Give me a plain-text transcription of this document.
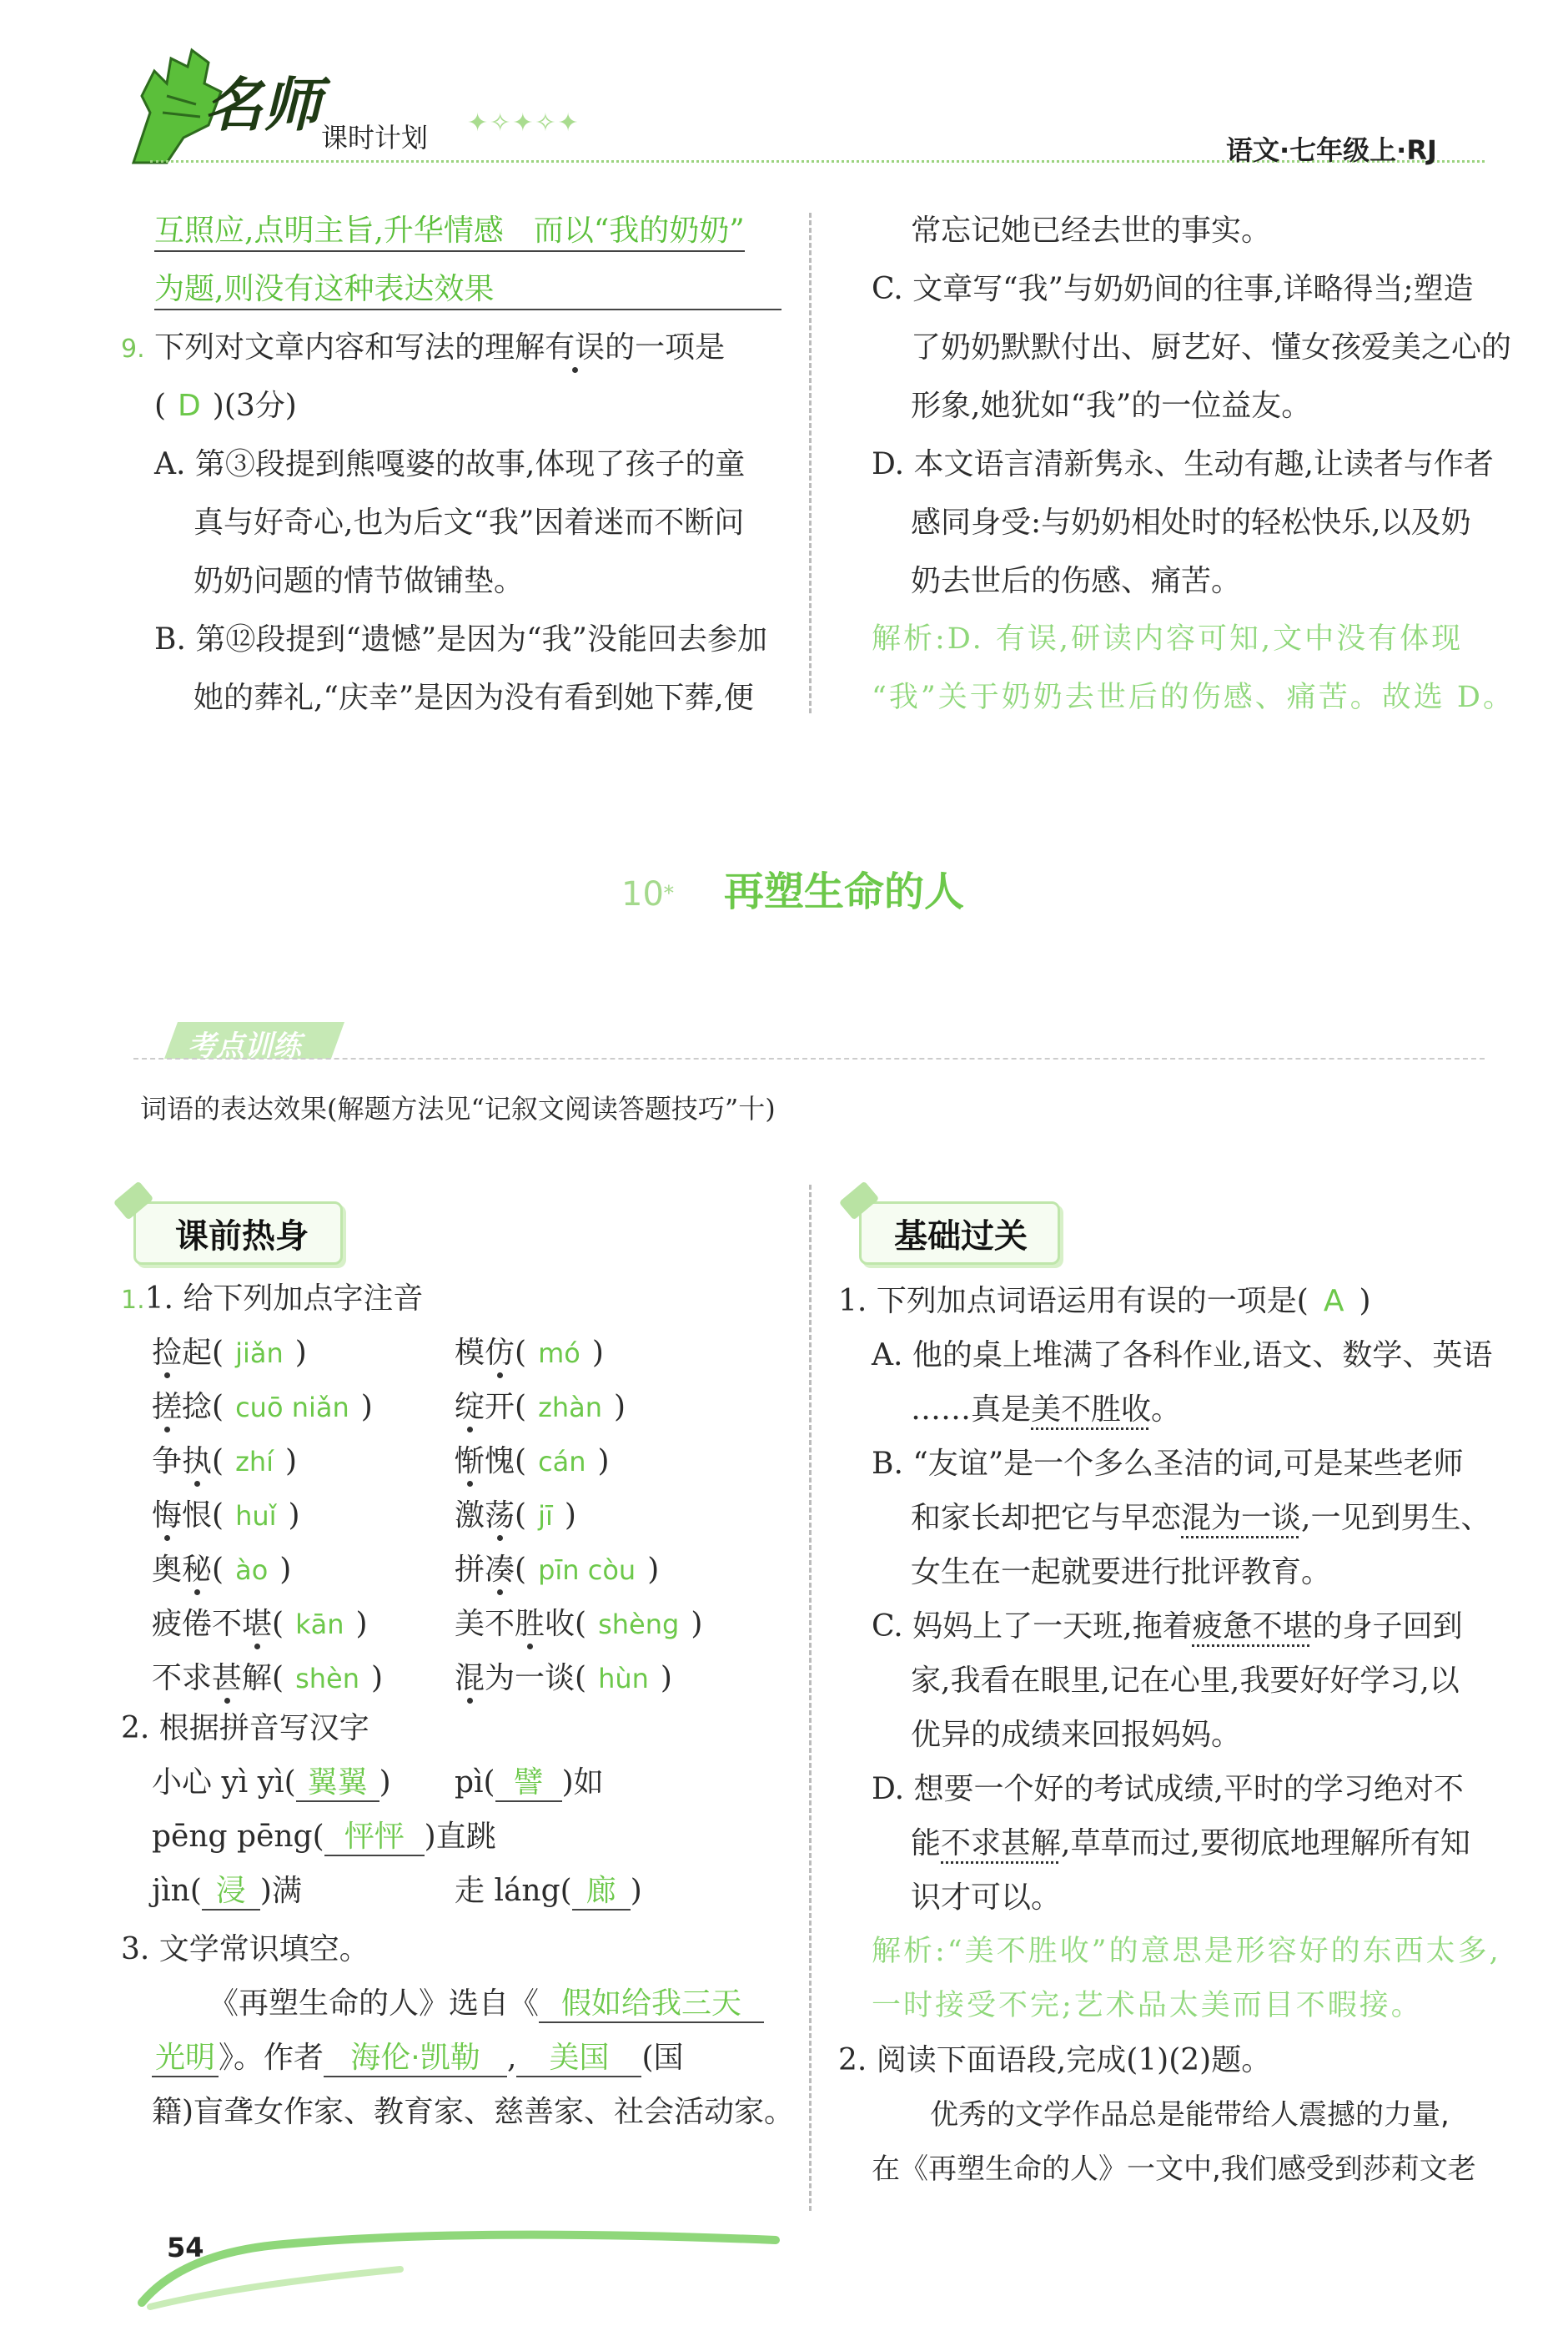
名师 课时计划 ✦✧✦✧✦
语文·七年级上·RJ
互照应,点明主旨,升华情感　而以“我的奶奶”
为题,则没有这种表达效果
9. 下列对文章内容和写法的理解有误的一项是
( D )(3分)
A. 第③段提到熊嘎婆的故事,体现了孩子的童
真与好奇心,也为后文“我”因着迷而不断问
奶奶问题的情节做铺垫。
B. 第⑫段提到“遗憾”是因为“我”没能回去参加
她的葬礼,“庆幸”是因为没有看到她下葬,便
常忘记她已经去世的事实。
C. 文章写“我”与奶奶间的往事,详略得当;塑造
了奶奶默默付出、厨艺好、懂女孩爱美之心的
形象,她犹如“我”的一位益友。
D. 本文语言清新隽永、生动有趣,让读者与作者
感同身受:与奶奶相处时的轻松快乐,以及奶
奶去世后的伤感、痛苦。
解析:D. 有误,研读内容可知,文中没有体现
“我”关于奶奶去世后的伤感、痛苦。故选 D。
10* 再塑生命的人
考点训练
词语的表达效果(解题方法见“记叙文阅读答题技巧”十)
课前热身
1.1. 给下列加点字注音
捡起( jiǎn )	模仿( mó )
搓捻( cuō niǎn )	绽开( zhàn )
争执( zhí )	惭愧( cán )
悔恨( huǐ )	激荡( jī )
奥秘( ào )	拼凑( pīn còu )
疲倦不堪( kān )	美不胜收( shèng )
不求甚解( shèn ) 混为一谈( hùn )
2. 根据拼音写汉字
小心 yì yì( 翼翼 ) pì( 譬 )如
pēng pēng( 怦怦 )直跳
jìn( 浸 )满	走 láng( 廊 )
3. 文学常识填空。
《再塑生命的人》选自《 假如给我三天
光明 》。作者 海伦·凯勒 , 美国 (国
籍)盲聋女作家、教育家、慈善家、社会活动家。
基础过关
1. 下列加点词语运用有误的一项是( A )
A. 他的桌上堆满了各科作业,语文、数学、英语
……真是美不胜收。
B. “友谊”是一个多么圣洁的词,可是某些老师
和家长却把它与早恋混为一谈,一见到男生、
女生在一起就要进行批评教育。
C. 妈妈上了一天班,拖着疲惫不堪的身子回到
家,我看在眼里,记在心里,我要好好学习,以
优异的成绩来回报妈妈。
D. 想要一个好的考试成绩,平时的学习绝对不
能不求甚解,草草而过,要彻底地理解所有知
识才可以。
解析:“美不胜收”的意思是形容好的东西太多,
一时接受不完;艺术品太美而目不暇接。
2. 阅读下面语段,完成(1)(2)题。
优秀的文学作品总是能带给人震撼的力量,
在《再塑生命的人》一文中,我们感受到莎莉文老
54
